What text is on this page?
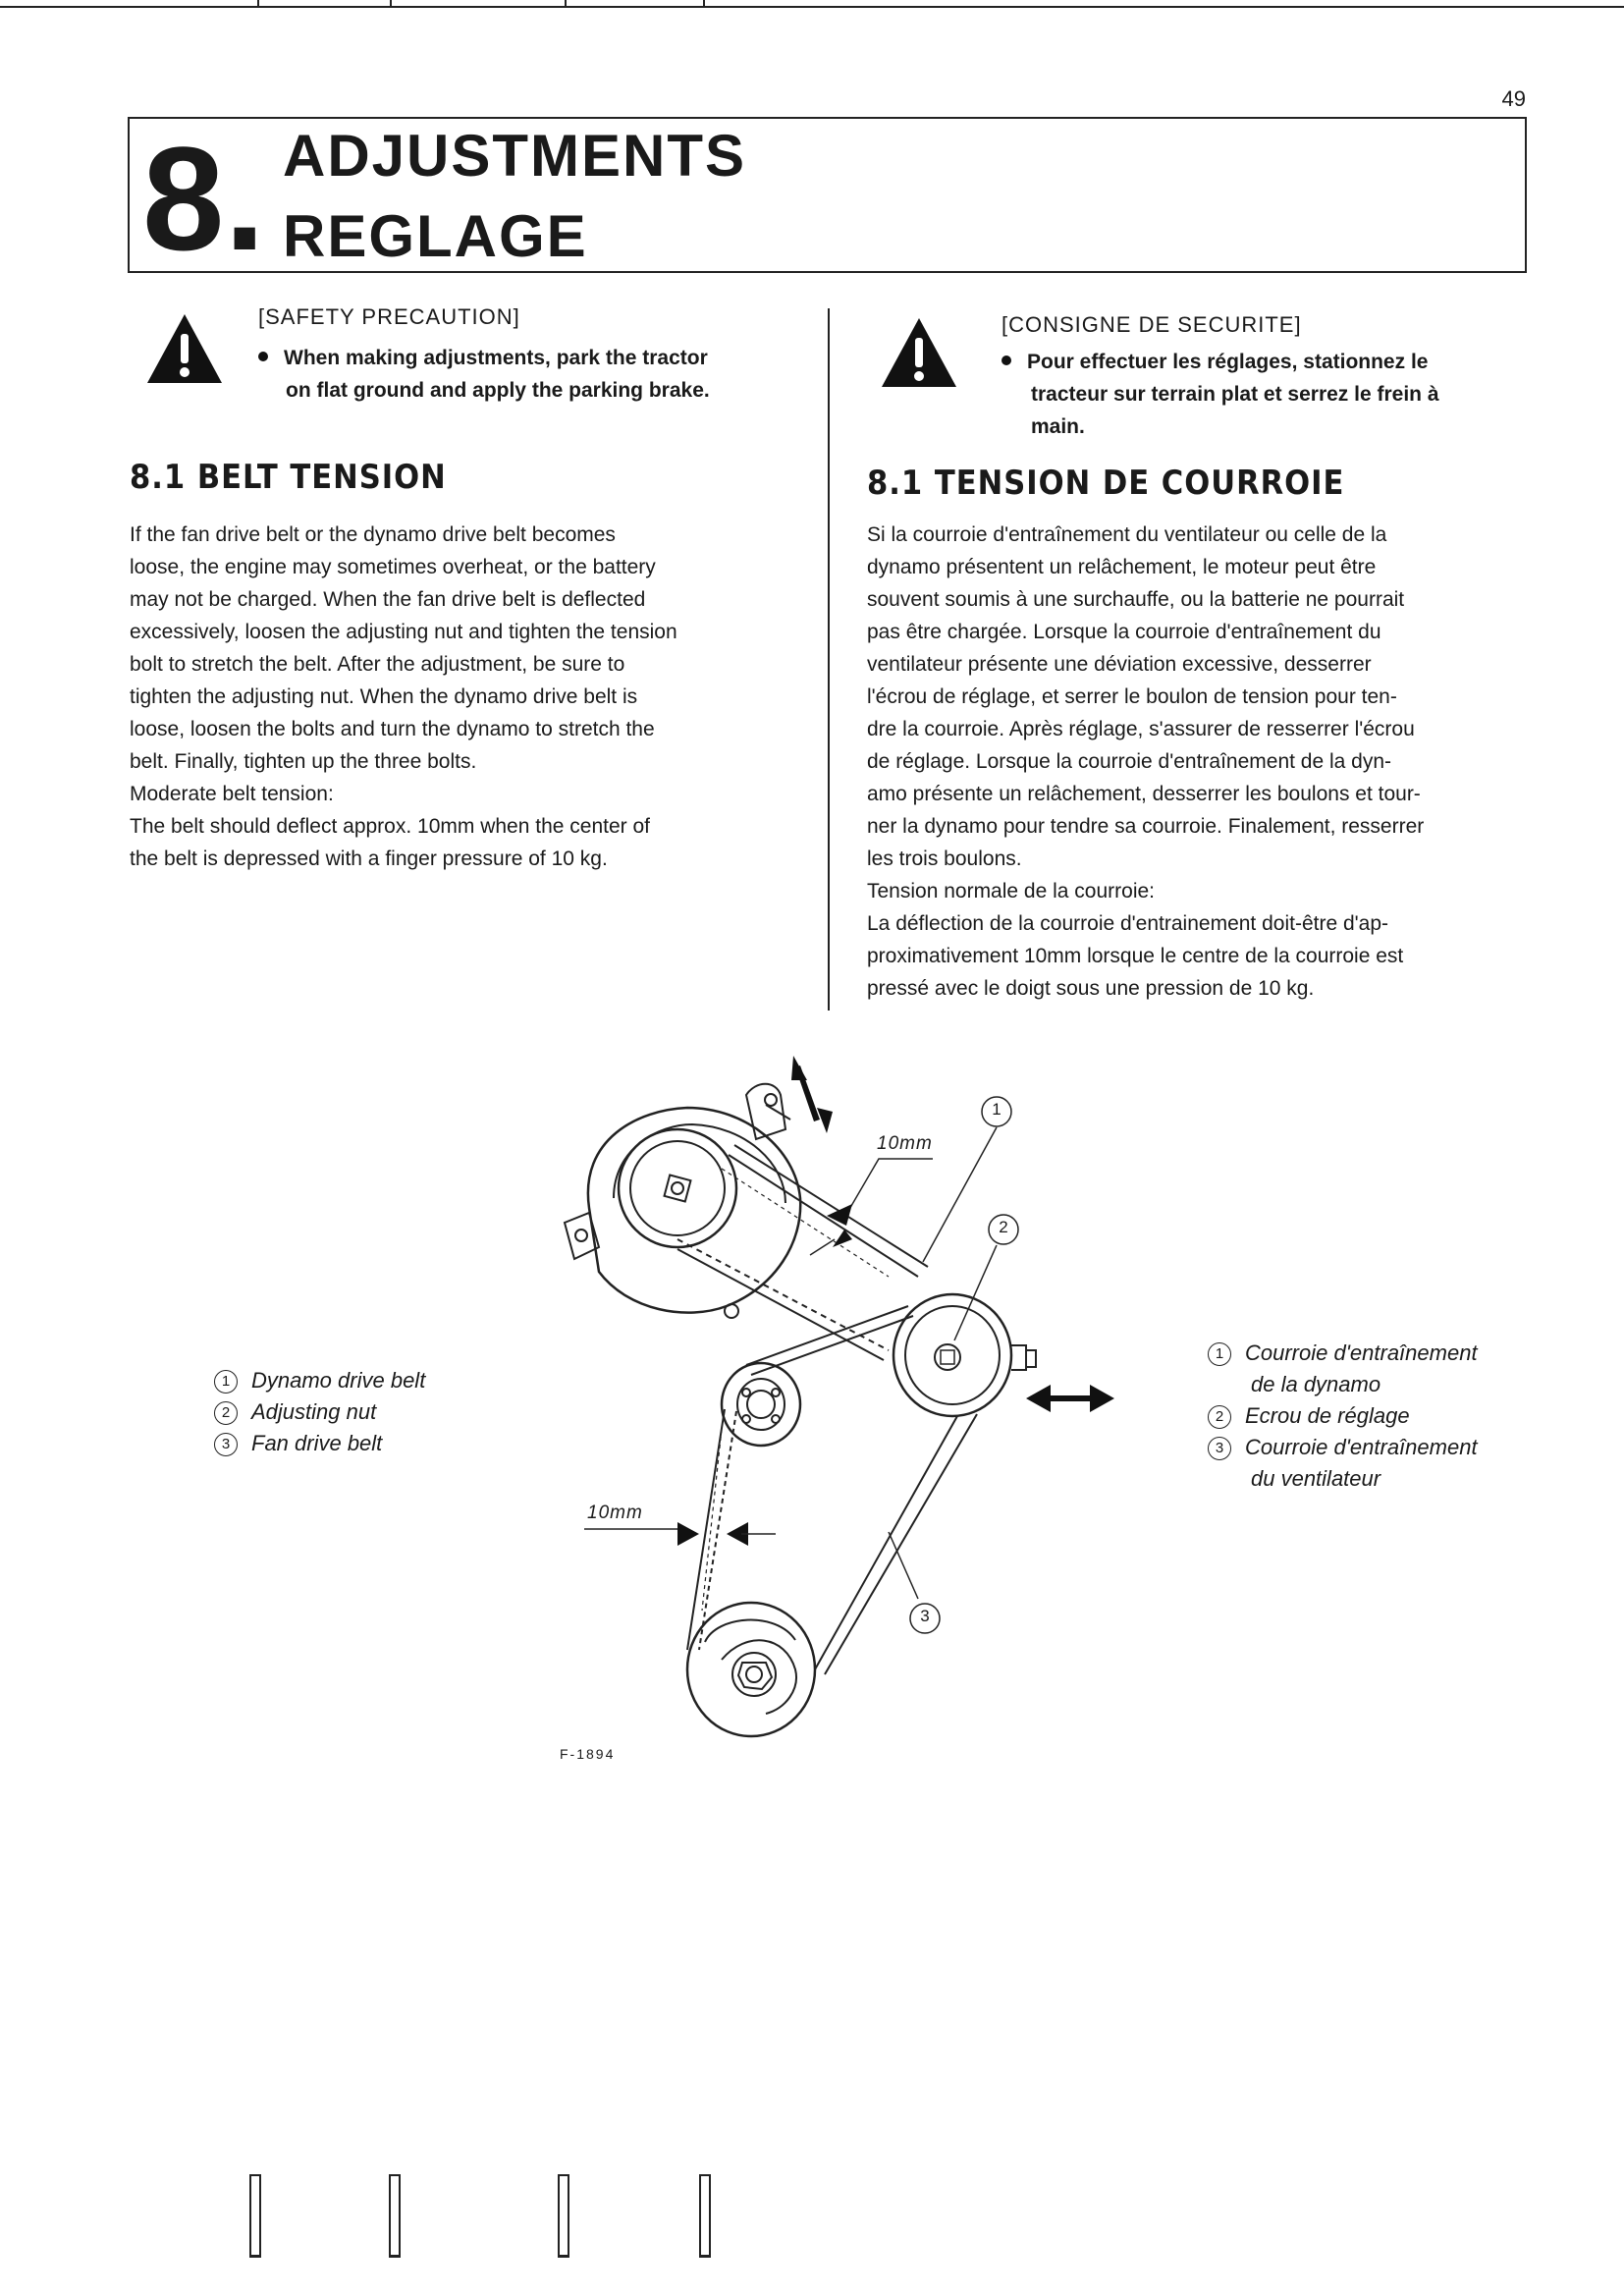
49
8. ADJUSTMENTS
REGLAGE
[SAFETY PRECAUTION]
When making adjustments, park the tractor
on flat ground and apply the parking brake.
[CONSIGNE DE SECURITE]
Pour effectuer les réglages, stationnez le
tracteur sur terrain plat et serrez le frein à
main.
8.1 BELT TENSION	8.1 TENSION DE COURROIE

If the fan drive belt or the dynamo drive belt becomes

loose, the engine may sometimes overheat, or the battery

may not be charged. When the fan drive belt is deflected

excessively, loosen the adjusting nut and tighten the tension

bolt to stretch the belt. After the adjustment, be sure to

tighten the adjusting nut. When the dynamo drive belt is

loose, loosen the bolts and turn the dynamo to stretch the

belt. Finally, tighten up the three bolts.

Moderate belt tension:

The belt should deflect approx. 10mm when the center of

the belt is depressed with a finger pressure of 10 kg.

Si la courroie d'entraînement du ventilateur ou celle de la

dynamo présentent un relâchement, le moteur peut être

souvent soumis à une surchauffe, ou la batterie ne pourrait

pas être chargée. Lorsque la courroie d'entraînement du

ventilateur présente une déviation excessive, desserrer

l'écrou de réglage, et serrer le boulon de tension pour ten-

dre la courroie. Après réglage, s'assurer de resserrer l'écrou

de réglage. Lorsque la courroie d'entraînement de la dyn-

amo présente un relâchement, desserrer les boulons et tour-

ner la dynamo pour tendre sa courroie. Finalement, resserrer

les trois boulons.

Tension normale de la courroie:

La déflection de la courroie d'entrainement doit-être d'ap-

proximativement 10mm lorsque le centre de la courroie est

pressé avec le doigt sous une pression de 10 kg.

1
2
3
10mm
10mm
F-1894
1 Dynamo drive belt
2 Adjusting nut
3 Fan drive belt
1 Courroie d'entraînement
de la dynamo
2 Ecrou de réglage
3 Courroie d'entraînement
du ventilateur
